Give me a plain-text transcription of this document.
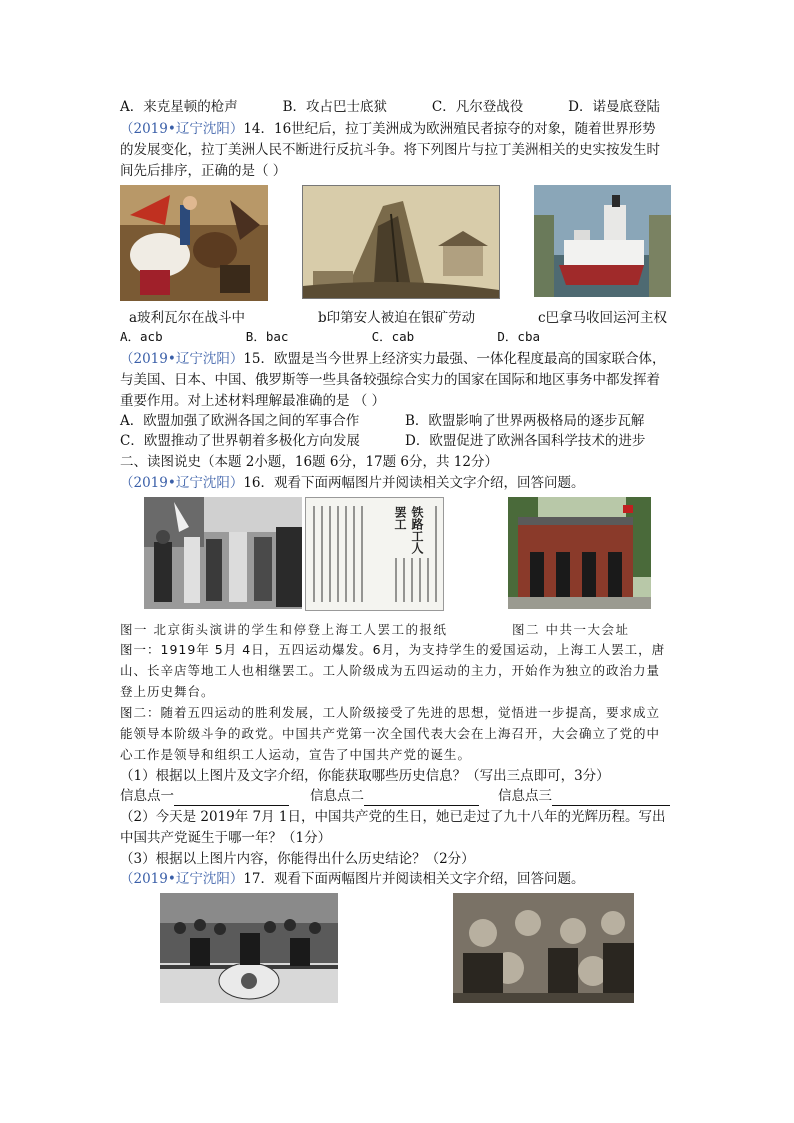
A．来克星顿的枪声	B．攻占巴士底狱	C．凡尔登战役	D．诺曼底登陆
（2019•辽宁沈阳）14．16世纪后，拉丁美洲成为欧洲殖民者掠夺的对象，随着世界形势
的发展变化，拉丁美洲人民不断进行反抗斗争。将下列图片与拉丁美洲相关的史实按发生时
间先后排序，正确的是（ ）
a玻利瓦尔在战斗中	b印第安人被迫在银矿劳动	c巴拿马收回运河主权
A．acb	B．bac	C．cab	D．cba
（2019•辽宁沈阳）15．欧盟是当今世界上经济实力最强、一体化程度最高的国家联合体，
与美国、日本、中国、俄罗斯等一些具备较强综合实力的国家在国际和地区事务中都发挥着
重要作用。对上述材料理解最准确的是 （ ）
A．欧盟加强了欧洲各国之间的军事合作	B．欧盟影响了世界两极格局的逐步瓦解
C．欧盟推动了世界朝着多极化方向发展	D．欧盟促进了欧洲各国科学技术的进步
二、读图说史（本题 2小题，16题 6分，17题 6分，共 12分）
（2019•辽宁沈阳）16．观看下面两幅图片并阅读相关文字介绍，回答问题。
铁路工人罢工
图一 北京街头演讲的学生和停登上海工人罢工的报纸	图二 中共一大会址
图一：1919年 5月 4日，五四运动爆发。6月，为支持学生的爱国运动，上海工人罢工，唐
山、长辛店等地工人也相继罢工。工人阶级成为五四运动的主力，开始作为独立的政治力量
登上历史舞台。
图二：随着五四运动的胜利发展，工人阶级接受了先进的思想，觉悟进一步提高，要求成立
能领导本阶级斗争的政党。中国共产党第一次全国代表大会在上海召开，大会确立了党的中
心工作是领导和组织工人运动，宣告了中国共产党的诞生。
（1）根据以上图片及文字介绍，你能获取哪些历史信息？（写出三点即可，3分）
信息点一	信息点二	信息点三
（2）今天是 2019年 7月 1日，中国共产党的生日，她已走过了九十八年的光辉历程。写出
中国共产党诞生于哪一年？（1分）
（3）根据以上图片内容，你能得出什么历史结论？（2分）
（2019•辽宁沈阳）17．观看下面两幅图片并阅读相关文字介绍，回答问题。
